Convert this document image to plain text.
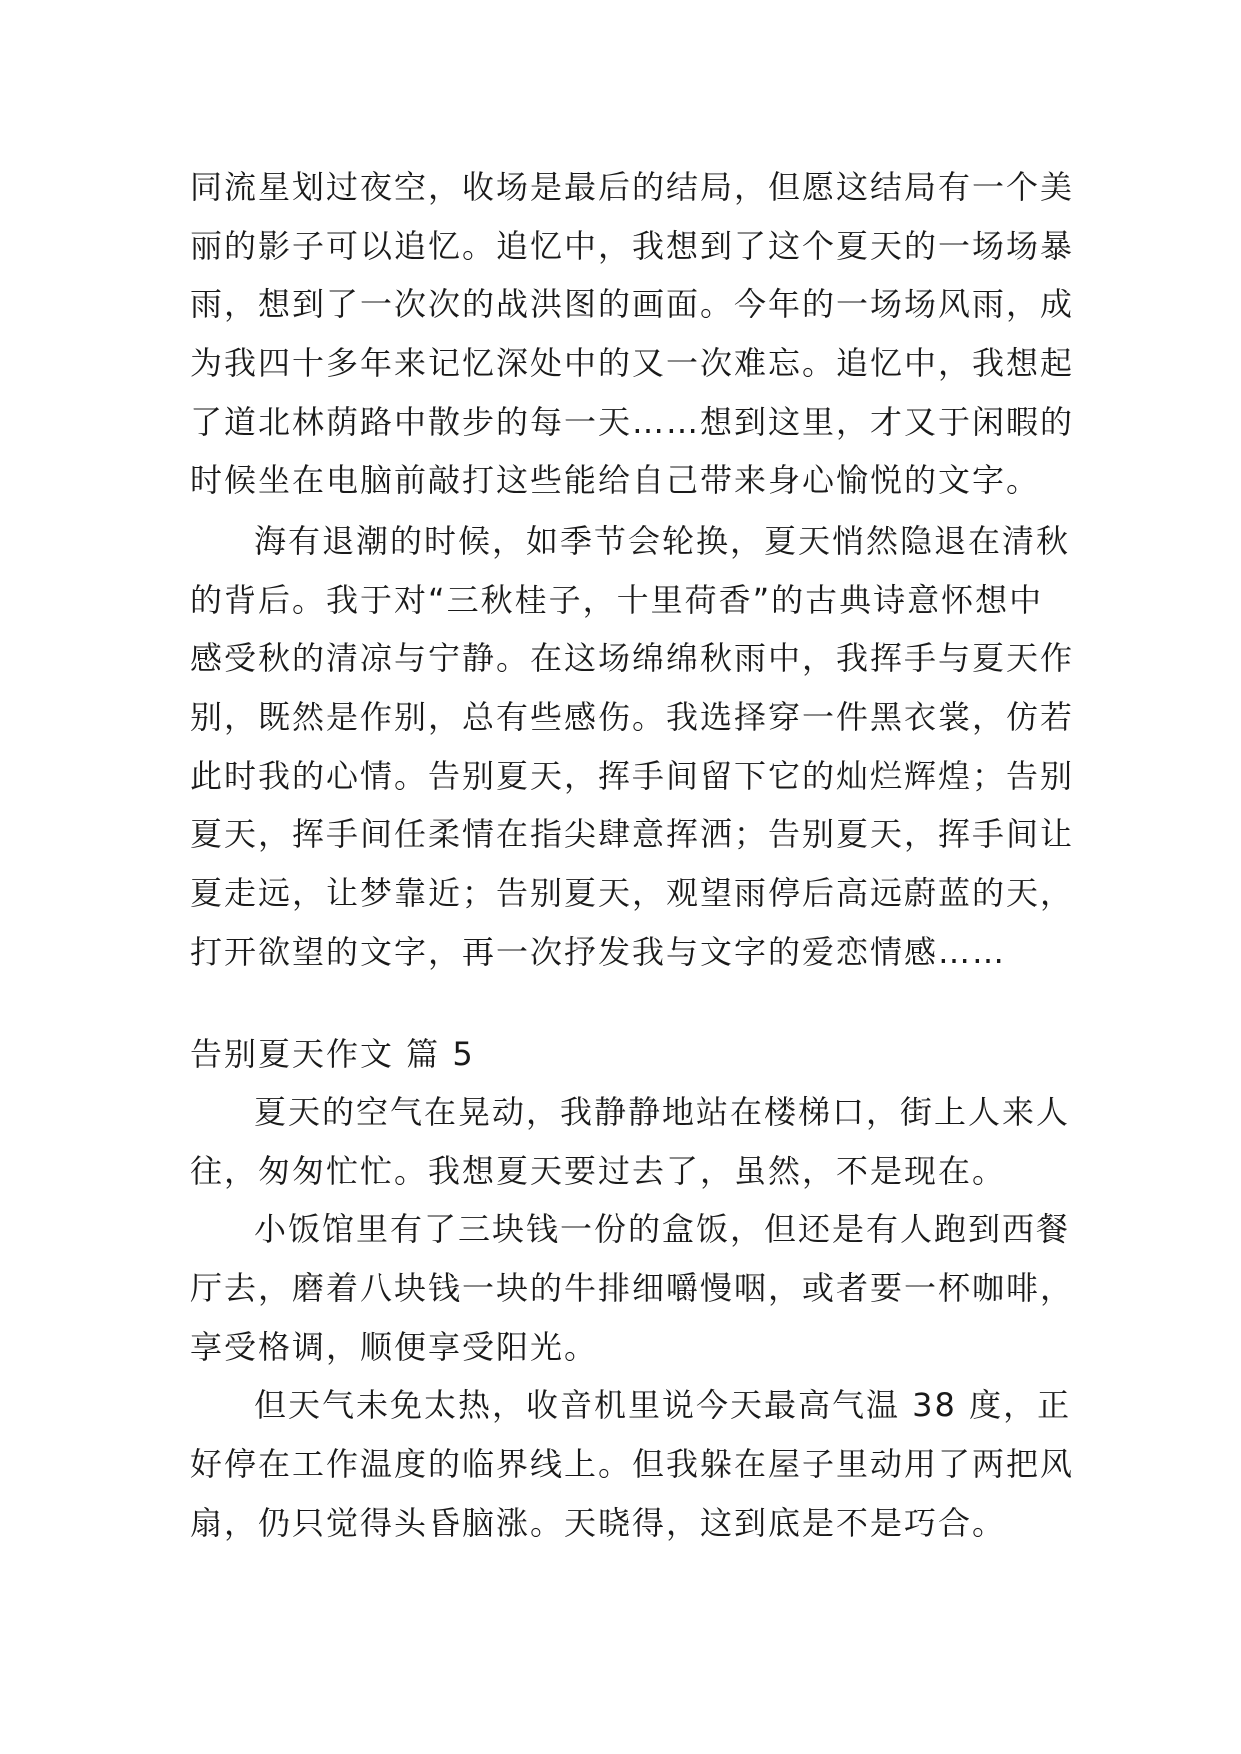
同流星划过夜空，收场是最后的结局，但愿这结局有一个美
丽的影子可以追忆。追忆中，我想到了这个夏天的一场场暴
雨，想到了一次次的战洪图的画面。今年的一场场风雨，成
为我四十多年来记忆深处中的又一次难忘。追忆中，我想起
了道北林荫路中散步的每一天……想到这里，才又于闲暇的
时候坐在电脑前敲打这些能给自己带来身心愉悦的文字。
海有退潮的时候，如季节会轮换，夏天悄然隐退在清秋
的背后。我于对“三秋桂子，十里荷香”的古典诗意怀想中
感受秋的清凉与宁静。在这场绵绵秋雨中，我挥手与夏天作
别，既然是作别，总有些感伤。我选择穿一件黑衣裳，仿若
此时我的心情。告别夏天，挥手间留下它的灿烂辉煌；告别
夏天，挥手间任柔情在指尖肆意挥洒；告别夏天，挥手间让
夏走远，让梦靠近；告别夏天，观望雨停后高远蔚蓝的天，
打开欲望的文字，再一次抒发我与文字的爱恋情感……
告别夏天作文 篇 5
夏天的空气在晃动，我静静地站在楼梯口，街上人来人
往，匆匆忙忙。我想夏天要过去了，虽然，不是现在。
小饭馆里有了三块钱一份的盒饭，但还是有人跑到西餐
厅去，磨着八块钱一块的牛排细嚼慢咽，或者要一杯咖啡，
享受格调，顺便享受阳光。
但天气未免太热，收音机里说今天最高气温 38 度，正
好停在工作温度的临界线上。但我躲在屋子里动用了两把风
扇，仍只觉得头昏脑涨。天晓得，这到底是不是巧合。
